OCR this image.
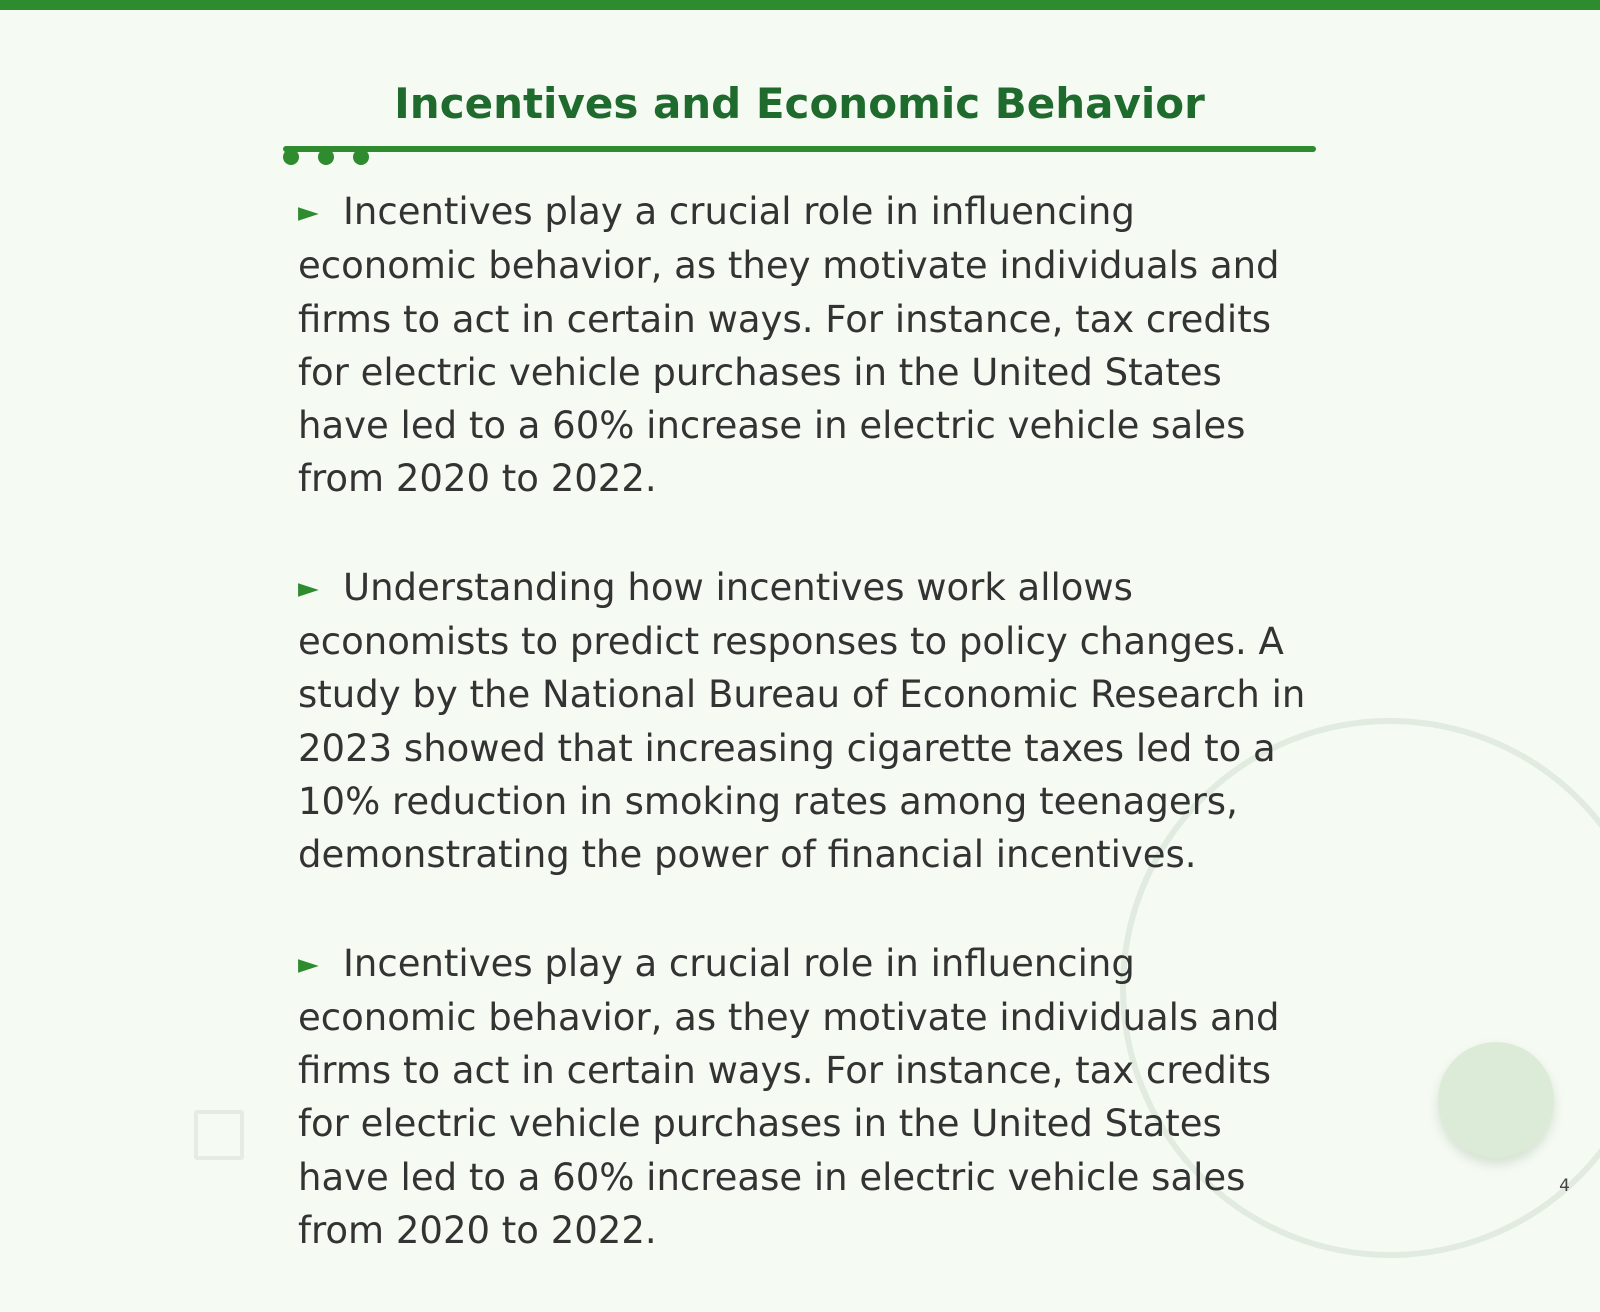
Incentives and Economic Behavior
► Incentives play a crucial role in influencing economic behavior, as they motivate individuals and firms to act in certain ways. For instance, tax credits for electric vehicle purchases in the United States have led to a 60% increase in electric vehicle sales from 2020 to 2022.
► Understanding how incentives work allows economists to predict responses to policy changes. A study by the National Bureau of Economic Research in 2023 showed that increasing cigarette taxes led to a 10% reduction in smoking rates among teenagers, demonstrating the power of financial incentives.
► Incentives play a crucial role in influencing economic behavior, as they motivate individuals and firms to act in certain ways. For instance, tax credits for electric vehicle purchases in the United States have led to a 60% increase in electric vehicle sales from 2020 to 2022.
4
